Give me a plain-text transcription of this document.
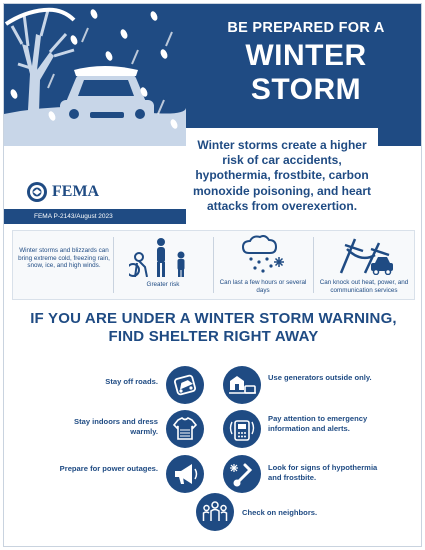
BE PREPARED FOR A
WINTER
STORM
Winter storms create a higher risk of car accidents, hypothermia, frostbite, carbon monoxide poisoning, and heart attacks from overexertion.
FEMA
FEMA P-2143/August 2023
Winter storms and blizzards can bring extreme cold, freezing rain, snow, ice, and high winds.
Greater risk	Can last a few hours or several days
Can knock out heat, power, and communication services
IF YOU ARE UNDER A WINTER STORM WARNING,
FIND SHELTER RIGHT AWAY
Stay off roads.	Use generators outside only.
Stay indoors and dress warmly.
Pay attention to emergency information and alerts.
Prepare for power outages.	Look for signs of hypothermia and frostbite.
Check on neighbors.
